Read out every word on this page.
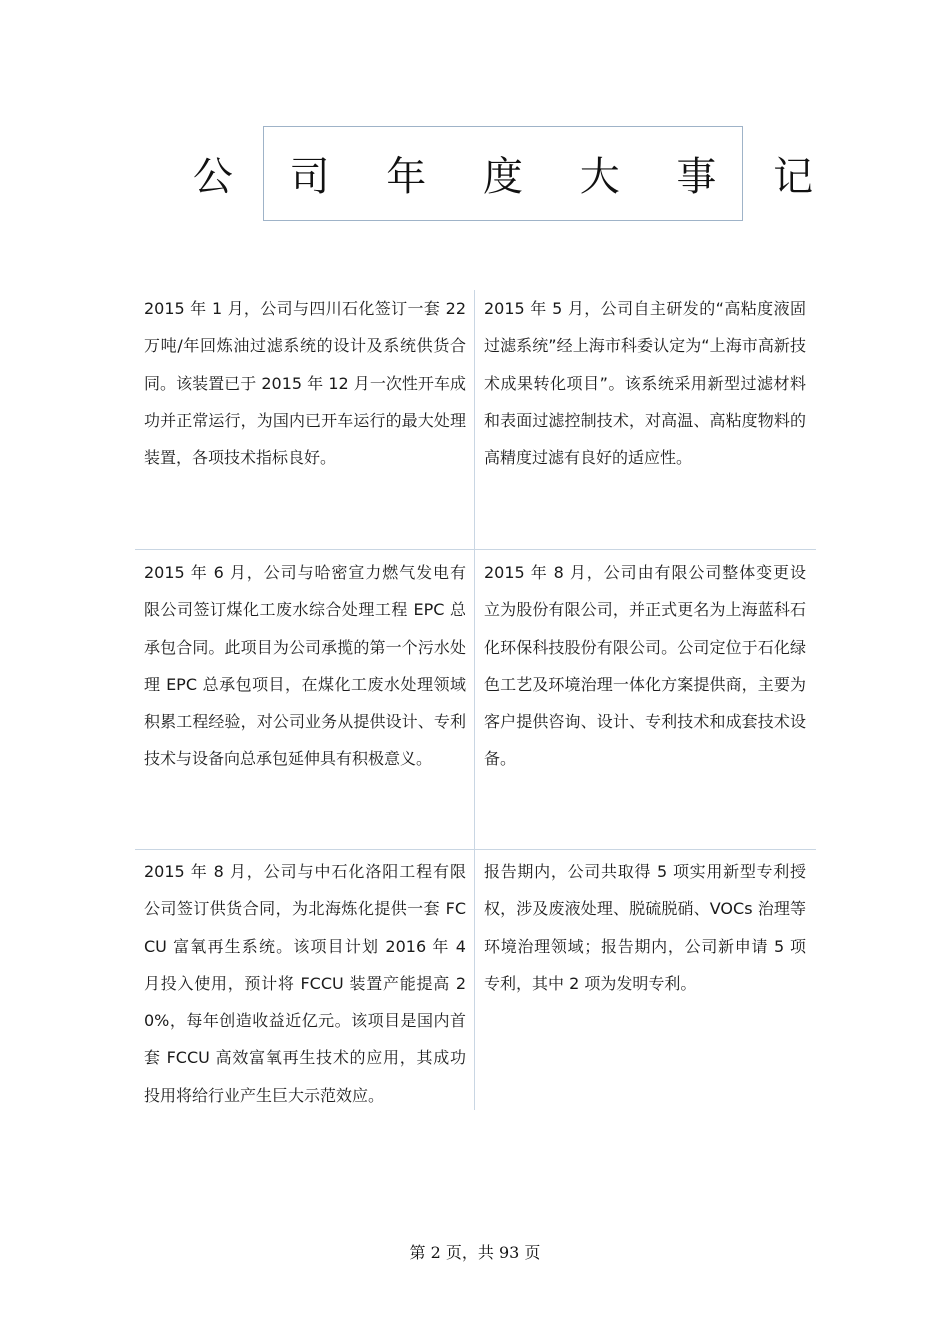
公 司 年 度 大 事 记
2015 年 1 月，公司与四川石化签订一套 22 万吨/年回炼油过滤系统的设计及系统供货合同。该装置已于 2015 年 12 月一次性开车成功并正常运行，为国内已开车运行的最大处理装置，各项技术指标良好。
2015 年 5 月，公司自主研发的“高粘度液固过滤系统”经上海市科委认定为“上海市高新技术成果转化项目”。该系统采用新型过滤材料和表面过滤控制技术，对高温、高粘度物料的高精度过滤有良好的适应性。
2015 年 6 月，公司与哈密宣力燃气发电有限公司签订煤化工废水综合处理工程 EPC 总承包合同。此项目为公司承揽的第一个污水处理 EPC 总承包项目，在煤化工废水处理领域积累工程经验，对公司业务从提供设计、专利技术与设备向总承包延伸具有积极意义。
2015 年 8 月，公司由有限公司整体变更设立为股份有限公司，并正式更名为上海蓝科石化环保科技股份有限公司。公司定位于石化绿色工艺及环境治理一体化方案提供商，主要为客户提供咨询、设计、专利技术和成套技术设备。
2015 年 8 月，公司与中石化洛阳工程有限公司签订供货合同，为北海炼化提供一套 FCCU 富氧再生系统。该项目计划 2016 年 4 月投入使用，预计将 FCCU 装置产能提高 20%，每年创造收益近亿元。该项目是国内首套 FCCU 高效富氧再生技术的应用，其成功投用将给行业产生巨大示范效应。
报告期内，公司共取得 5 项实用新型专利授权，涉及废液处理、脱硫脱硝、VOCs 治理等环境治理领域；报告期内，公司新申请 5 项专利，其中 2 项为发明专利。
第 2 页，共 93 页
